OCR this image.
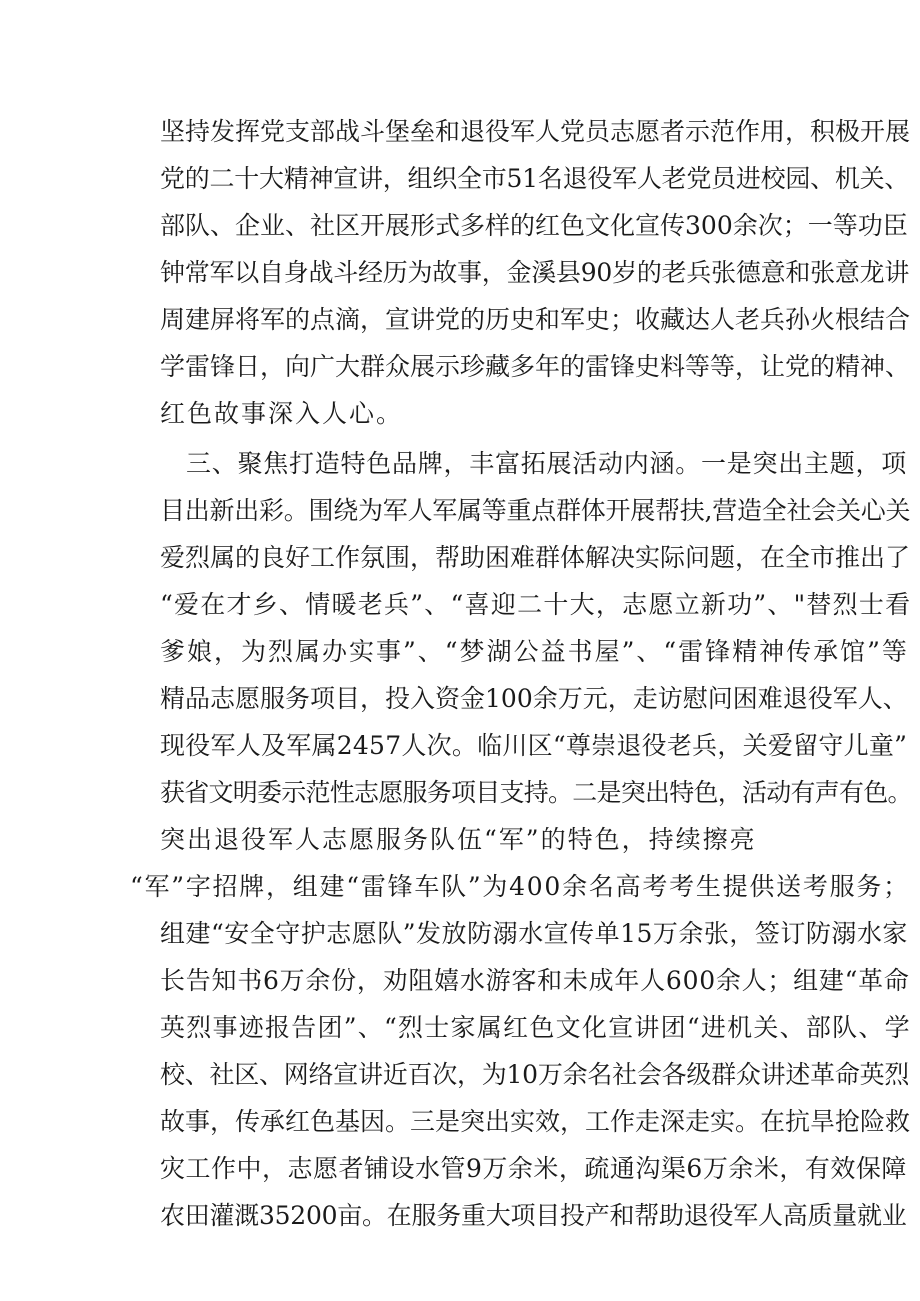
坚持发挥党支部战斗堡垒和退役军人党员志愿者示范作用，积极开展
党的二十大精神宣讲，组织全市51名退役军人老党员进校园、机关、
部队、企业、社区开展形式多样的红色文化宣传300余次；一等功臣
钟常军以自身战斗经历为故事，金溪县90岁的老兵张德意和张意龙讲
周建屏将军的点滴，宣讲党的历史和军史；收藏达人老兵孙火根结合
学雷锋日，向广大群众展示珍藏多年的雷锋史料等等，让党的精神、
红色故事深入人心。
三、聚焦打造特色品牌，丰富拓展活动内涵。一是突出主题，项
目出新出彩。围绕为军人军属等重点群体开展帮扶,营造全社会关心关
爱烈属的良好工作氛围，帮助困难群体解决实际问题，在全市推出了
“爱在才乡、情暖老兵”、“喜迎二十大，志愿立新功”、"替烈士看
爹娘，为烈属办实事”、“梦湖公益书屋”、“雷锋精神传承馆”等
精品志愿服务项目，投入资金100余万元，走访慰问困难退役军人、
现役军人及军属2457人次。临川区“尊崇退役老兵，关爱留守儿童”
获省文明委示范性志愿服务项目支持。二是突出特色，活动有声有色。
突出退役军人志愿服务队伍“军”的特色，持续擦亮
“军”字招牌，组建“雷锋车队”为400余名高考考生提供送考服务；
组建“安全守护志愿队”发放防溺水宣传单15万余张，签订防溺水家
长告知书6万余份，劝阻嬉水游客和未成年人600余人；组建“革命
英烈事迹报告团”、“烈士家属红色文化宣讲团“进机关、部队、学
校、社区、网络宣讲近百次，为10万余名社会各级群众讲述革命英烈
故事，传承红色基因。三是突出实效，工作走深走实。在抗旱抢险救
灾工作中，志愿者铺设水管9万余米，疏通沟渠6万余米，有效保障
农田灌溉35200亩。在服务重大项目投产和帮助退役军人高质量就业
